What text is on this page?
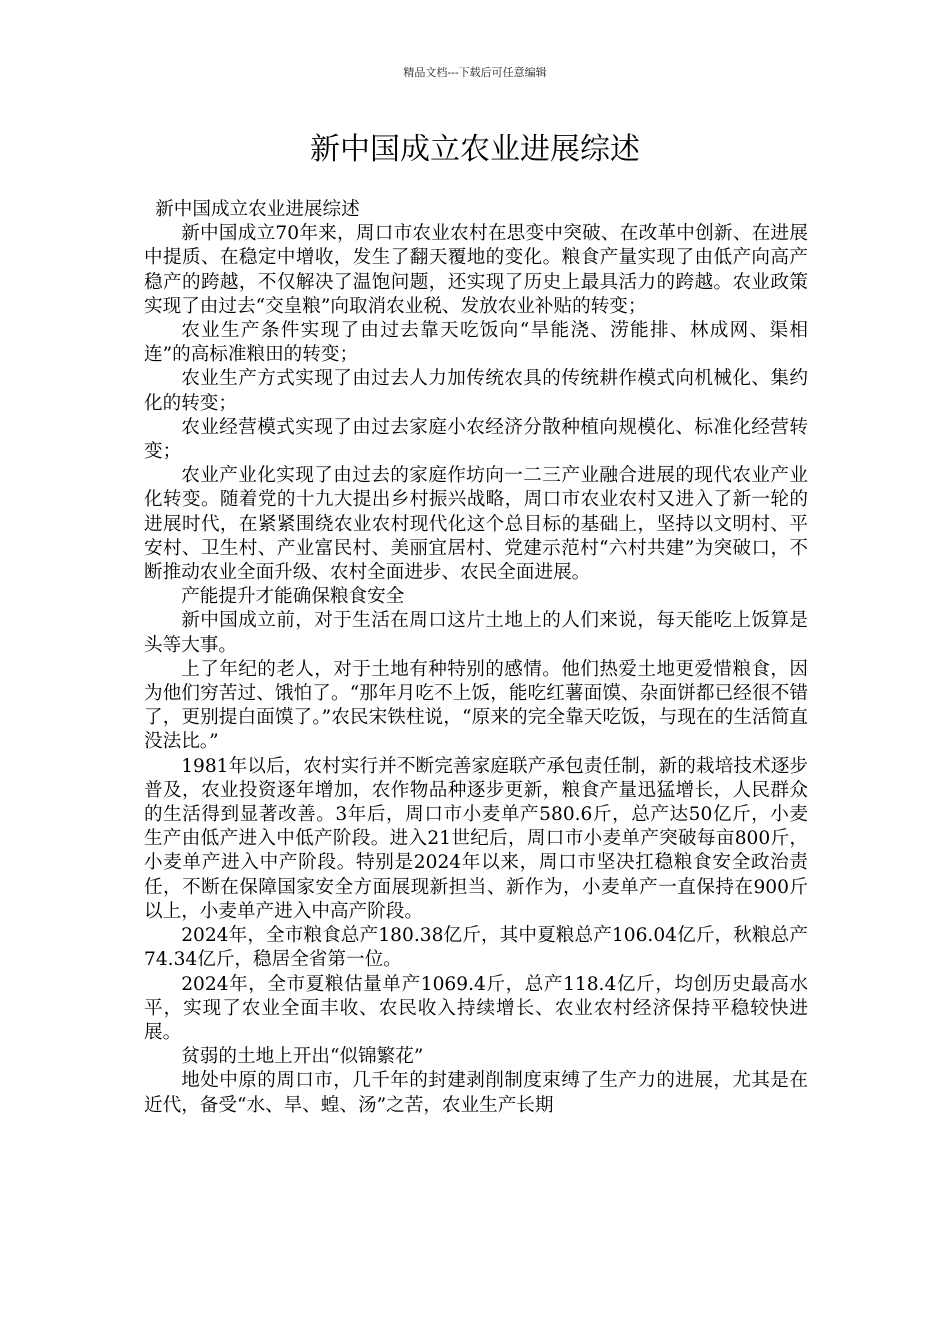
精品文档---下载后可任意编辑
新中国成立农业进展综述

新中国成立农业进展综述

新中国成立70年来，周口市农业农村在思变中突破、在改革中创新、在进展中提质、在稳定中增收，发生了翻天覆地的变化。粮食产量实现了由低产向高产稳产的跨越，不仅解决了温饱问题，还实现了历史上最具活力的跨越。农业政策实现了由过去“交皇粮”向取消农业税、发放农业补贴的转变；

农业生产条件实现了由过去靠天吃饭向“旱能浇、涝能排、林成网、渠相连”的高标准粮田的转变；

农业生产方式实现了由过去人力加传统农具的传统耕作模式向机械化、集约化的转变；

农业经营模式实现了由过去家庭小农经济分散种植向规模化、标准化经营转变；

农业产业化实现了由过去的家庭作坊向一二三产业融合进展的现代农业产业化转变。随着党的十九大提出乡村振兴战略，周口市农业农村又进入了新一轮的进展时代，在紧紧围绕农业农村现代化这个总目标的基础上，坚持以文明村、平安村、卫生村、产业富民村、美丽宜居村、党建示范村“六村共建”为突破口，不断推动农业全面升级、农村全面进步、农民全面进展。

产能提升才能确保粮食安全

新中国成立前，对于生活在周口这片土地上的人们来说，每天能吃上饭算是头等大事。

上了年纪的老人，对于土地有种特别的感情。他们热爱土地更爱惜粮食，因为他们穷苦过、饿怕了。“那年月吃不上饭，能吃红薯面馍、杂面饼都已经很不错了，更别提白面馍了。”农民宋铁柱说，“原来的完全靠天吃饭，与现在的生活简直没法比。”

1981年以后，农村实行并不断完善家庭联产承包责任制，新的栽培技术逐步普及，农业投资逐年增加，农作物品种逐步更新，粮食产量迅猛增长，人民群众的生活得到显著改善。3年后，周口市小麦单产580.6斤，总产达50亿斤，小麦生产由低产进入中低产阶段。进入21世纪后，周口市小麦单产突破每亩800斤，小麦单产进入中产阶段。特别是2024年以来，周口市坚决扛稳粮食安全政治责任，不断在保障国家安全方面展现新担当、新作为，小麦单产一直保持在900斤以上，小麦单产进入中高产阶段。

2024年，全市粮食总产180.38亿斤，其中夏粮总产106.04亿斤，秋粮总产74.34亿斤，稳居全省第一位。

2024年，全市夏粮估量单产1069.4斤，总产118.4亿斤，均创历史最高水平，实现了农业全面丰收、农民收入持续增长、农业农村经济保持平稳较快进展。

贫弱的土地上开出“似锦繁花”

地处中原的周口市，几千年的封建剥削制度束缚了生产力的进展，尤其是在近代，备受“水、旱、蝗、汤”之苦，农业生产长期
